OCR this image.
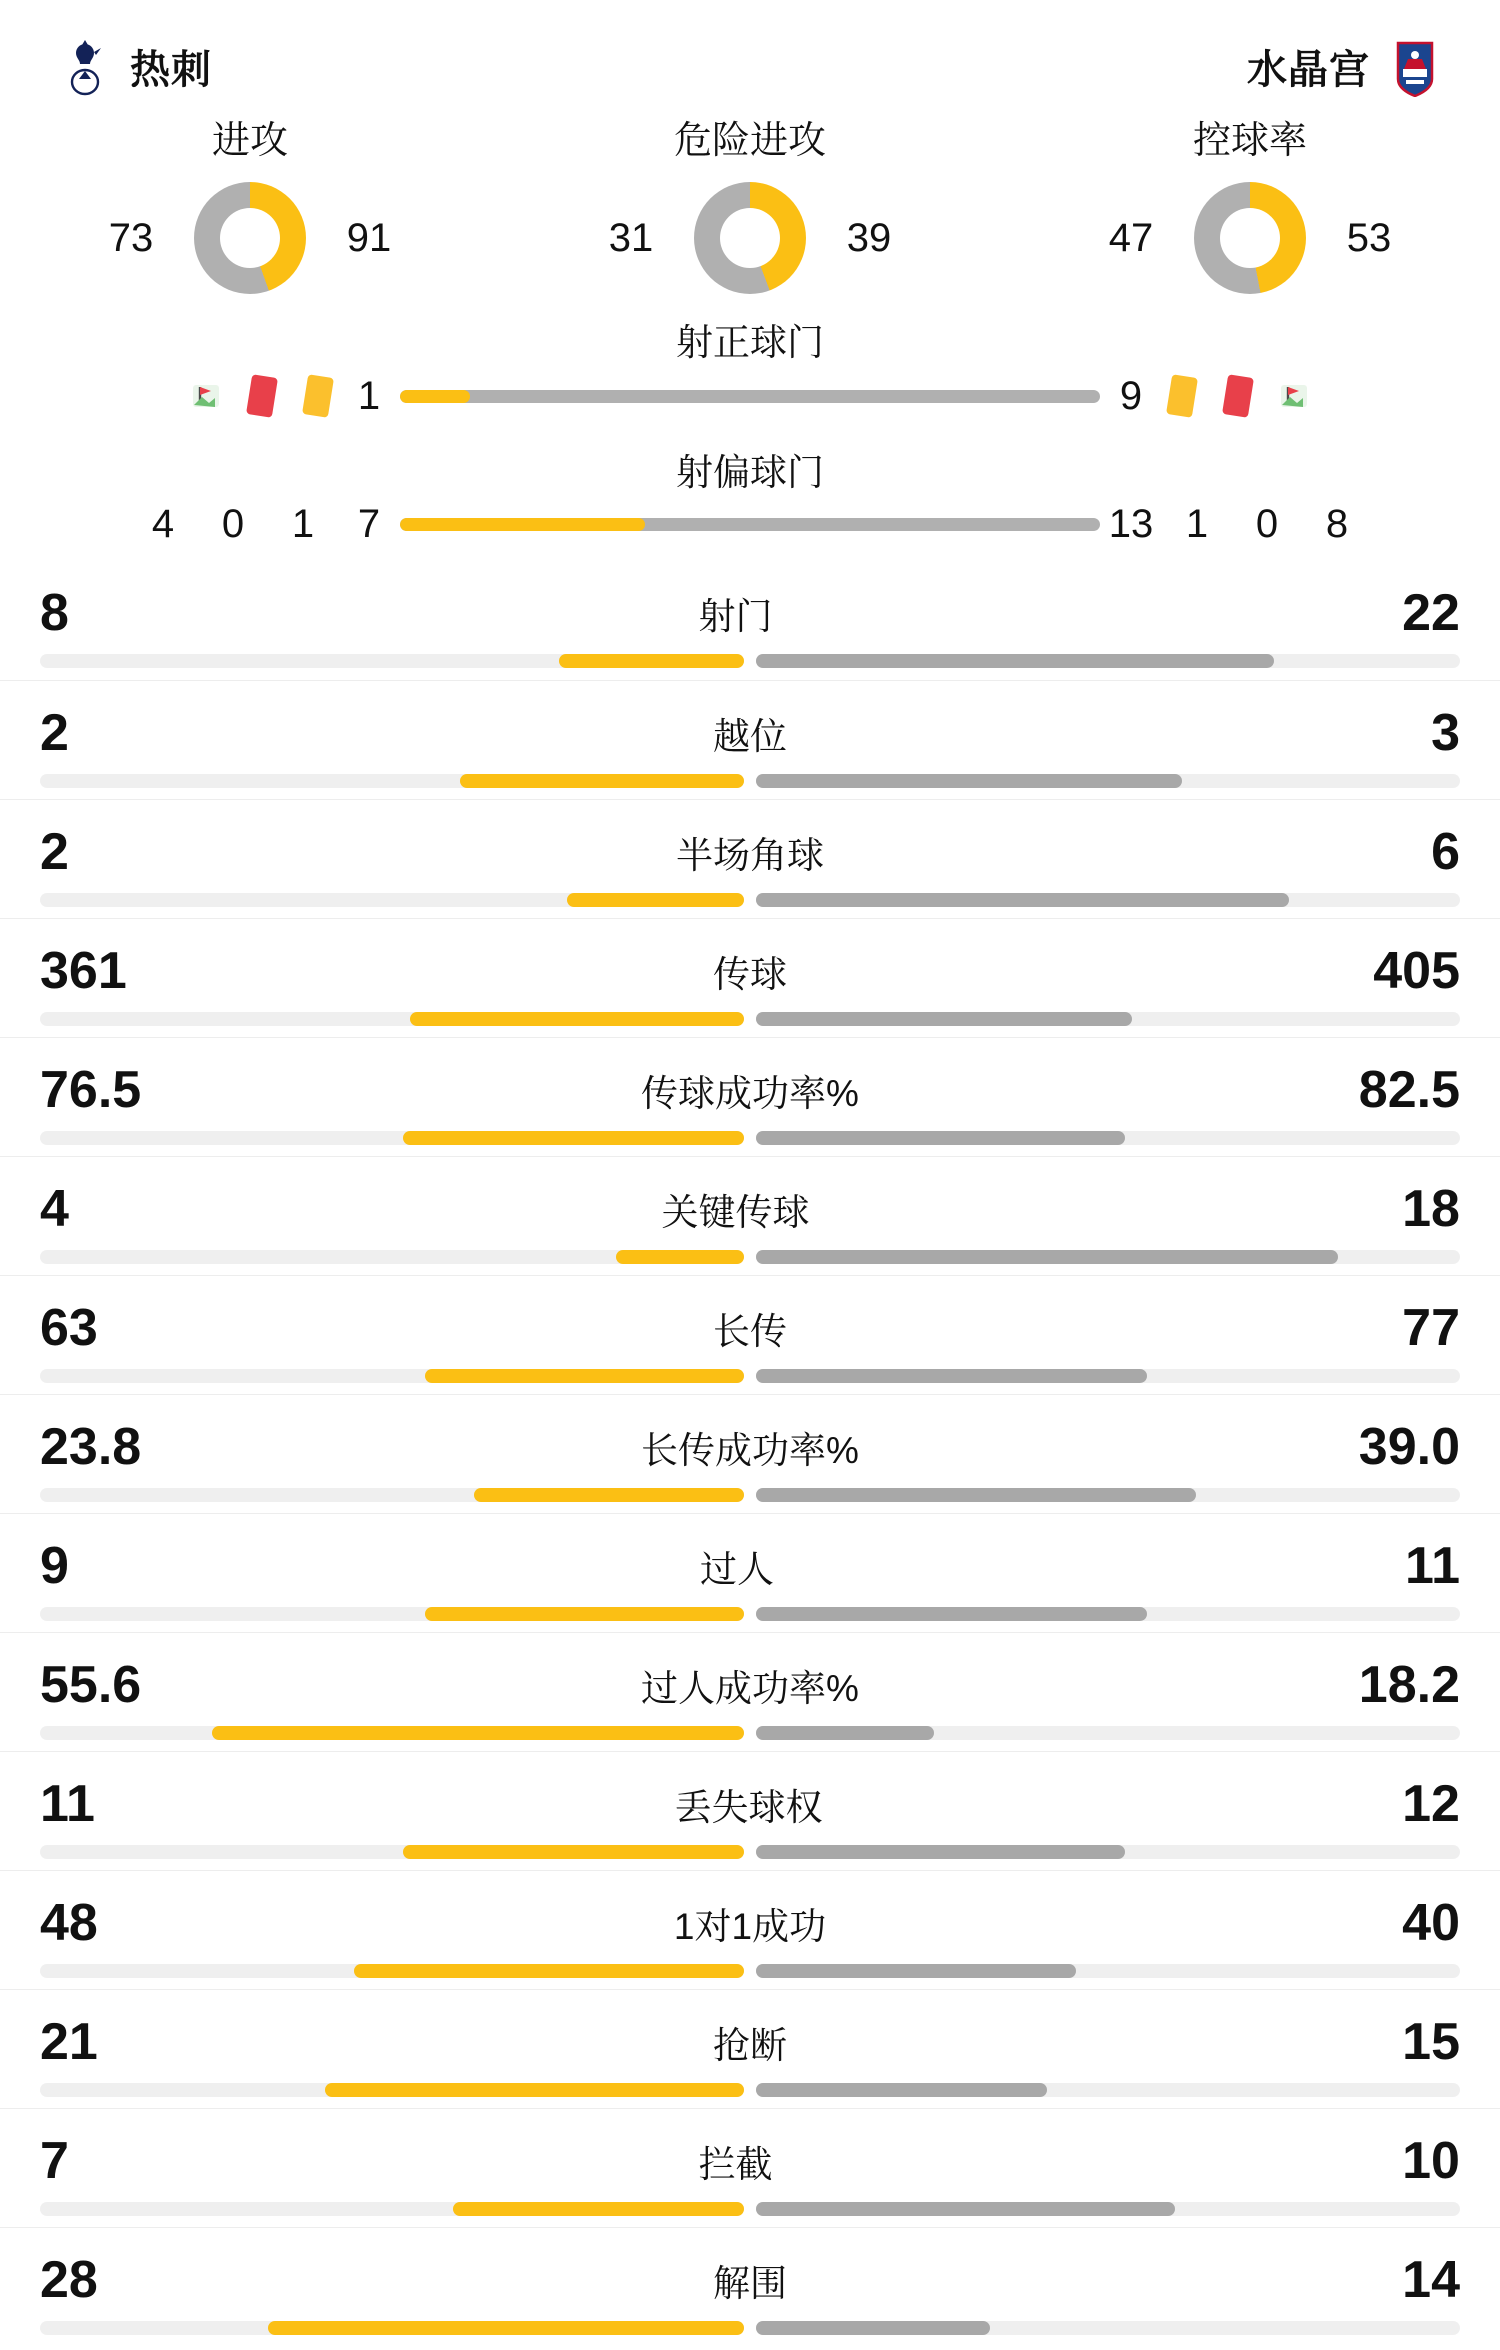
热刺	水晶宫
进攻
73	91
危险进攻
31	39
控球率
47	53
射正球门
1	9
射偏球门
4	0	1	7	13 1	0	8
8	射门	22
2	越位	3
2	半场角球	6
361	传球	405
76.5	传球成功率%	82.5
4	关键传球	18
63	长传	77
23.8	长传成功率%	39.0
9	过人	11
55.6	过人成功率%	18.2
11	丢失球权	12
48	1对1成功	40
21	抢断	15
7	拦截	10
28	解围	14
